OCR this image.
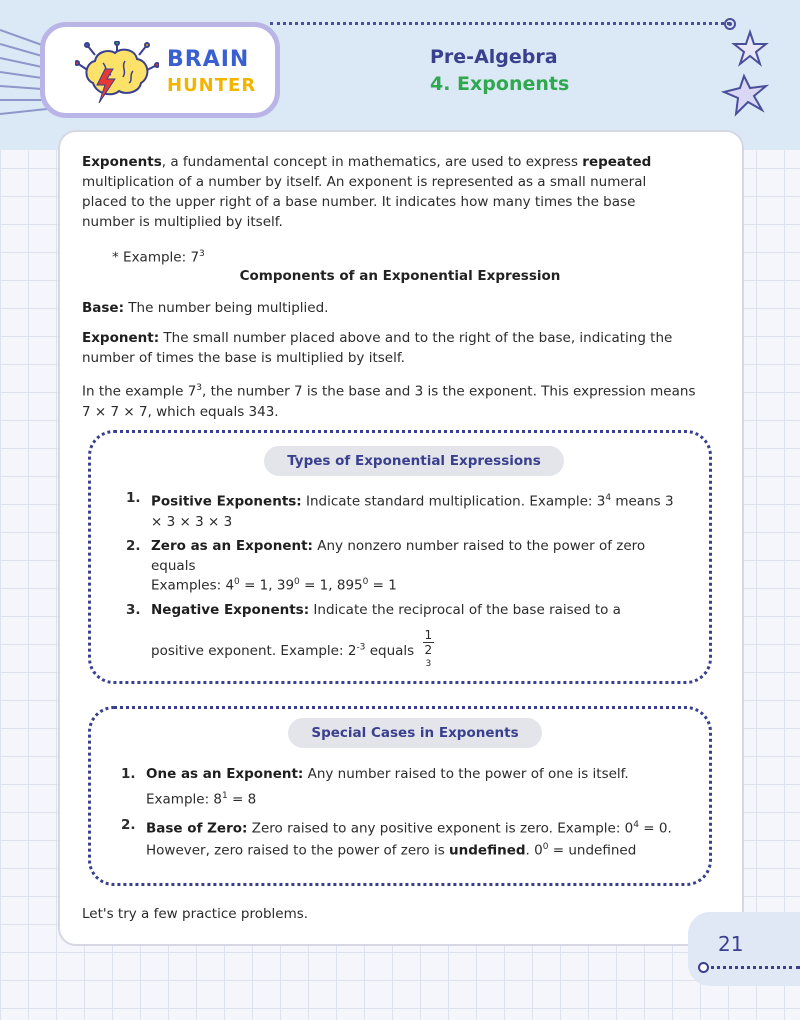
BRAIN
HUNTER
Pre-Algebra
4. Exponents
Exponents, a fundamental concept in mathematics, are used to express repeated multiplication of a number by itself. An exponent is represented as a small numeral placed to the upper right of a base number. It indicates how many times the base number is multiplied by itself.
* Example: $7^3$
Components of an Exponential Expression
Base: The number being multiplied.
Exponent: The small number placed above and to the right of the base, indicating the number of times the base is multiplied by itself.
In the example $7^3$, the number 7 is the base and 3 is the exponent. This expression means 7 × 7 × 7, which equals 343.
Types of Exponential Expressions
1. Positive Exponents: Indicate standard multiplication. Example: $3^4$ means 3 × 3 × 3 × 3
2. Zero as an Exponent: Any nonzero number raised to the power of zero equals
Examples: $4^0 = 1$, $39^0 = 1$, $895^0 = 1$
3. Negative Exponents: Indicate the reciprocal of the base raised to a
positive exponent. Example: $2^{-3}$ equals 1
2
$^3$
Special Cases in Exponents
1. One as an Exponent: Any number raised to the power of one is itself.
Example: $8^1 = 8$
2. Base of Zero: Zero raised to any positive exponent is zero. Example: $0^4 = 0$.
However, zero raised to the power of zero is undefined. $0^0$ = undefined
Let's try a few practice problems.
21
